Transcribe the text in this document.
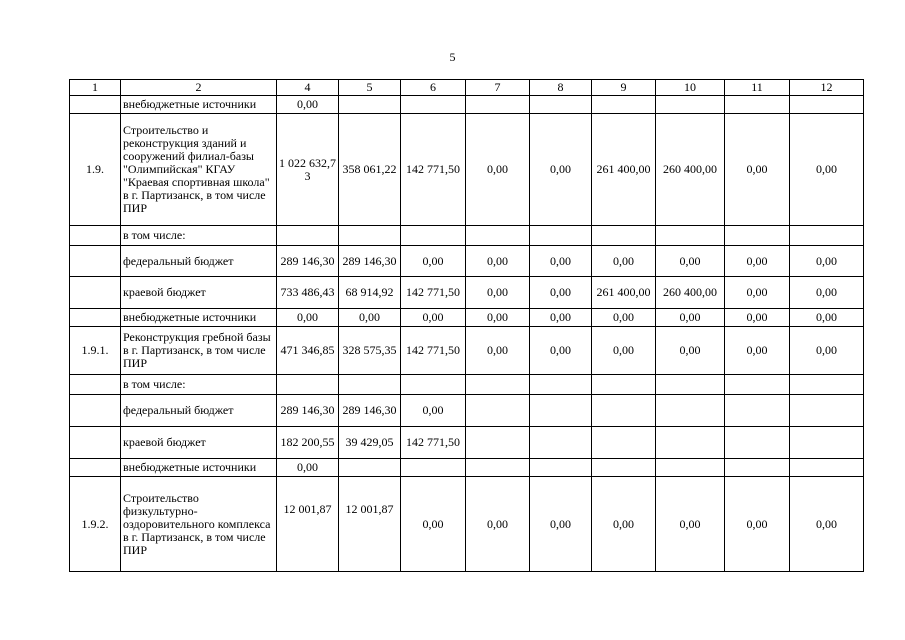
5
1	2	4	5	6	7	8	9	10	11	12
	внебюджетные источники	0,00								
1.9.	Строительство и реконструкция зданий и сооружений филиал-базы "Олимпийская" КГАУ "Краевая спортивная школа" в г. Партизанск, в том числе ПИР	1 022 632,73	358 061,22	142 771,50	0,00	0,00	261 400,00	260 400,00	0,00	0,00
	в том числе:									
	федеральный бюджет	289 146,30	289 146,30	0,00	0,00	0,00	0,00	0,00	0,00	0,00
	краевой бюджет	733 486,43	68 914,92	142 771,50	0,00	0,00	261 400,00	260 400,00	0,00	0,00
	внебюджетные источники	0,00	0,00	0,00	0,00	0,00	0,00	0,00	0,00	0,00
1.9.1.	Реконструкция гребной базы в г. Партизанск, в том числе ПИР	471 346,85	328 575,35	142 771,50	0,00	0,00	0,00	0,00	0,00	0,00
	в том числе:									
	федеральный бюджет	289 146,30	289 146,30	0,00						
	краевой бюджет	182 200,55	39 429,05	142 771,50						
	внебюджетные источники	0,00								
1.9.2.	Строительство физкультурно-оздоровительного комплекса в г. Партизанск, в том числе ПИР	12 001,87	12 001,87	0,00	0,00	0,00	0,00	0,00	0,00	0,00
